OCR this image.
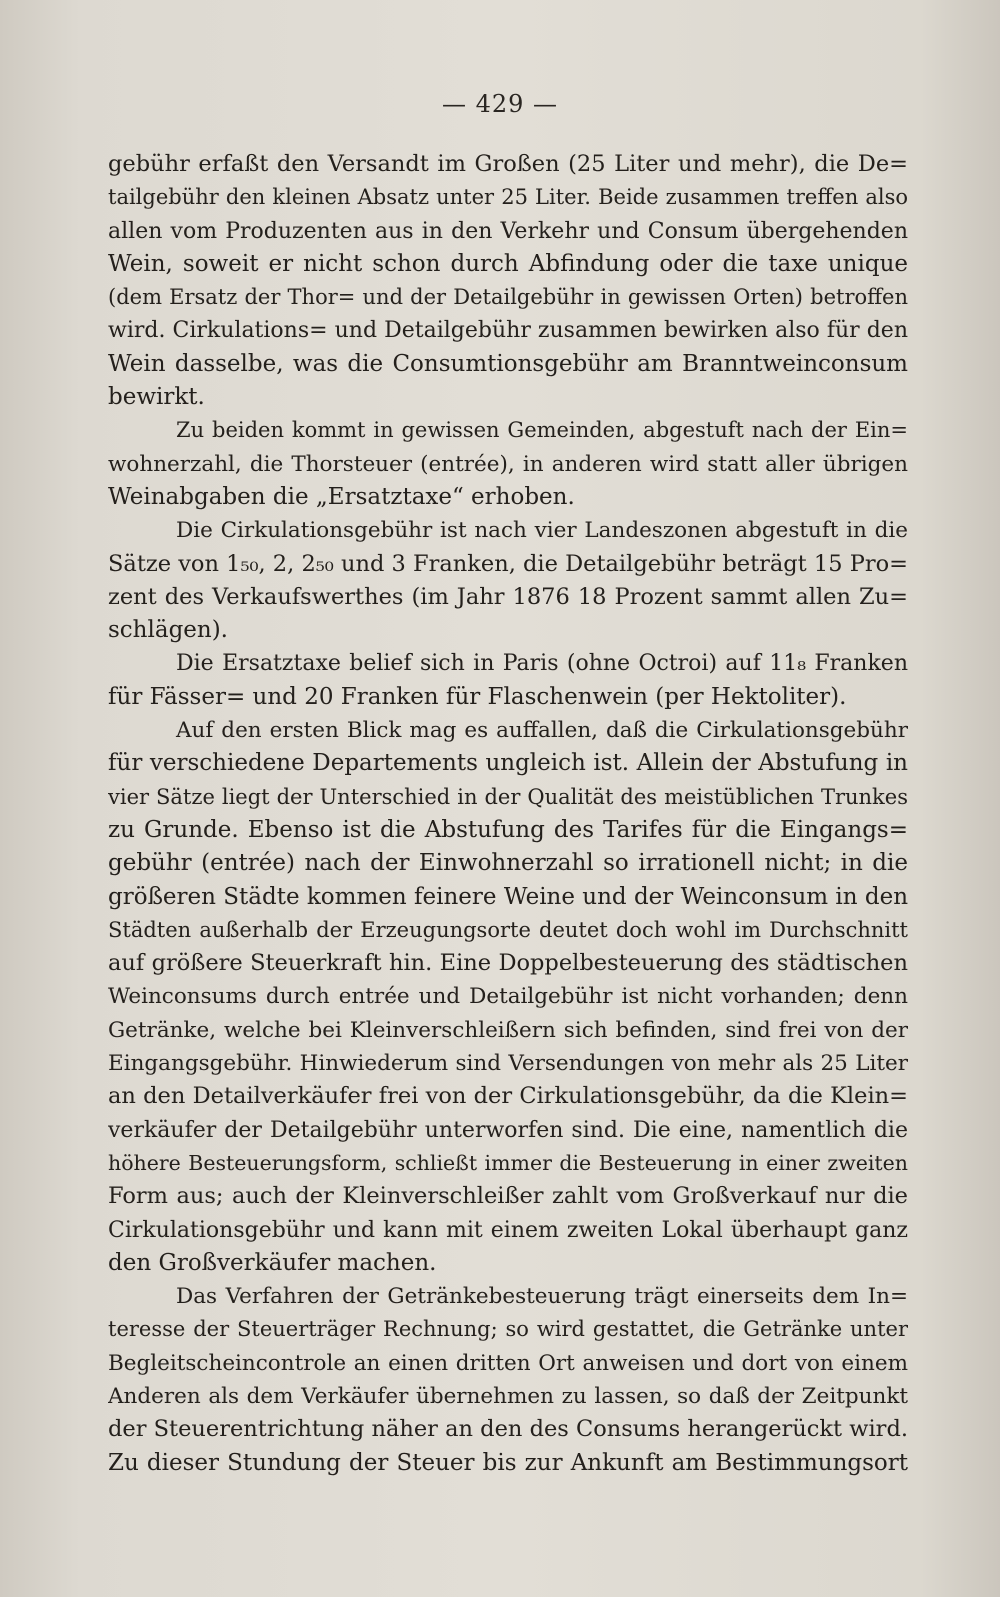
— 429 —
gebühr erfaßt den Versandt im Großen (25 Liter und mehr), die De=
tailgebühr den kleinen Absatz unter 25 Liter. Beide zusammen treffen also
allen vom Produzenten aus in den Verkehr und Consum übergehenden
Wein, soweit er nicht schon durch Abfindung oder die taxe unique
(dem Ersatz der Thor= und der Detailgebühr in gewissen Orten) betroffen
wird. Cirkulations= und Detailgebühr zusammen bewirken also für den
Wein dasselbe, was die Consumtionsgebühr am Branntweinconsum
bewirkt.
Zu beiden kommt in gewissen Gemeinden, abgestuft nach der Ein=
wohnerzahl, die Thorsteuer (entrée), in anderen wird statt aller übrigen
Weinabgaben die „Ersatztaxe“ erhoben.
Die Cirkulationsgebühr ist nach vier Landeszonen abgestuft in die
Sätze von 1₅₀, 2, 2₅₀ und 3 Franken, die Detailgebühr beträgt 15 Pro=
zent des Verkaufswerthes (im Jahr 1876 18 Prozent sammt allen Zu=
schlägen).
Die Ersatztaxe belief sich in Paris (ohne Octroi) auf 11₈ Franken
für Fässer= und 20 Franken für Flaschenwein (per Hektoliter).
Auf den ersten Blick mag es auffallen, daß die Cirkulationsgebühr
für verschiedene Departements ungleich ist. Allein der Abstufung in
vier Sätze liegt der Unterschied in der Qualität des meistüblichen Trunkes
zu Grunde. Ebenso ist die Abstufung des Tarifes für die Eingangs=
gebühr (entrée) nach der Einwohnerzahl so irrationell nicht; in die
größeren Städte kommen feinere Weine und der Weinconsum in den
Städten außerhalb der Erzeugungsorte deutet doch wohl im Durchschnitt
auf größere Steuerkraft hin. Eine Doppelbesteuerung des städtischen
Weinconsums durch entrée und Detailgebühr ist nicht vorhanden; denn
Getränke, welche bei Kleinverschleißern sich befinden, sind frei von der
Eingangsgebühr. Hinwiederum sind Versendungen von mehr als 25 Liter
an den Detailverkäufer frei von der Cirkulationsgebühr, da die Klein=
verkäufer der Detailgebühr unterworfen sind. Die eine, namentlich die
höhere Besteuerungsform, schließt immer die Besteuerung in einer zweiten
Form aus; auch der Kleinverschleißer zahlt vom Großverkauf nur die
Cirkulationsgebühr und kann mit einem zweiten Lokal überhaupt ganz
den Großverkäufer machen.
Das Verfahren der Getränkebesteuerung trägt einerseits dem In=
teresse der Steuerträger Rechnung; so wird gestattet, die Getränke unter
Begleitscheincontrole an einen dritten Ort anweisen und dort von einem
Anderen als dem Verkäufer übernehmen zu lassen, so daß der Zeitpunkt
der Steuerentrichtung näher an den des Consums herangerückt wird.
Zu dieser Stundung der Steuer bis zur Ankunft am Bestimmungsort
